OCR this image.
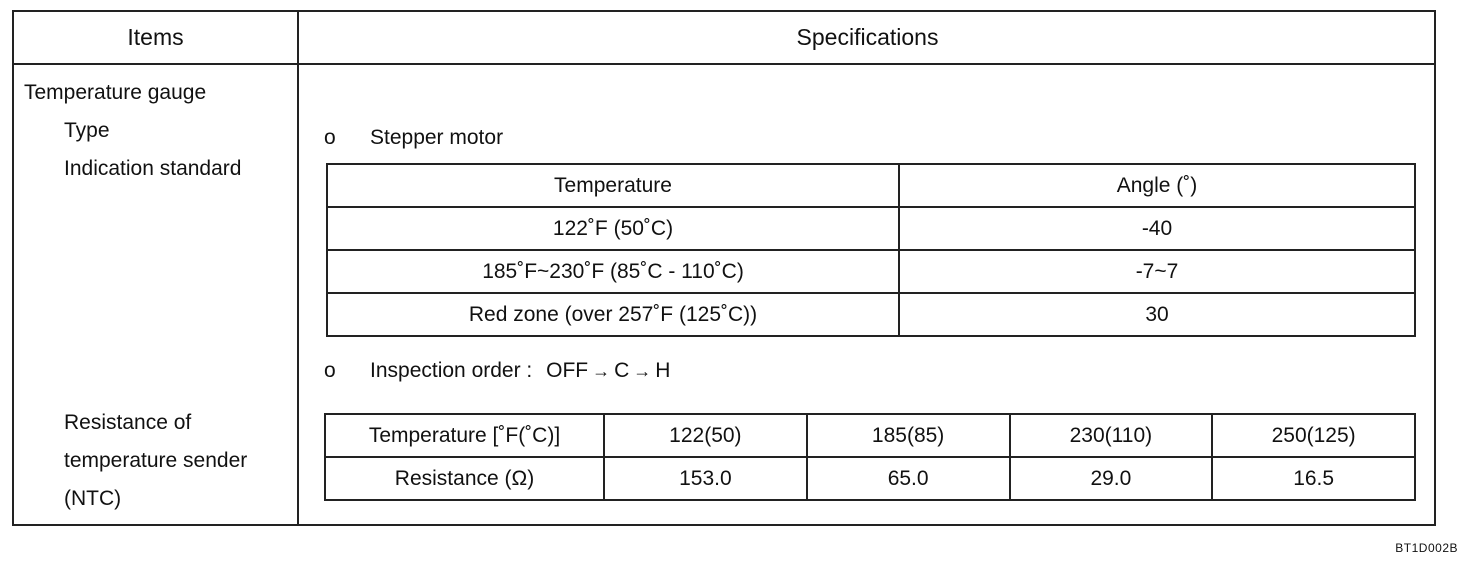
Items	Specifications
Temperature gauge
Type
Indication standard
Resistance of
temperature sender
(NTC)
o Stepper motor
Temperature	Angle (˚)
122˚F (50˚C)	-40
185˚F~230˚F (85˚C - 110˚C)	-7~7
Red zone (over 257˚F (125˚C))	30
o Inspection order : OFF → C → H
Temperature [˚F(˚C)]	122(50)	185(85)	230(110)	250(125)
Resistance (Ω)	153.0	65.0	29.0	16.5
BT1D002B
